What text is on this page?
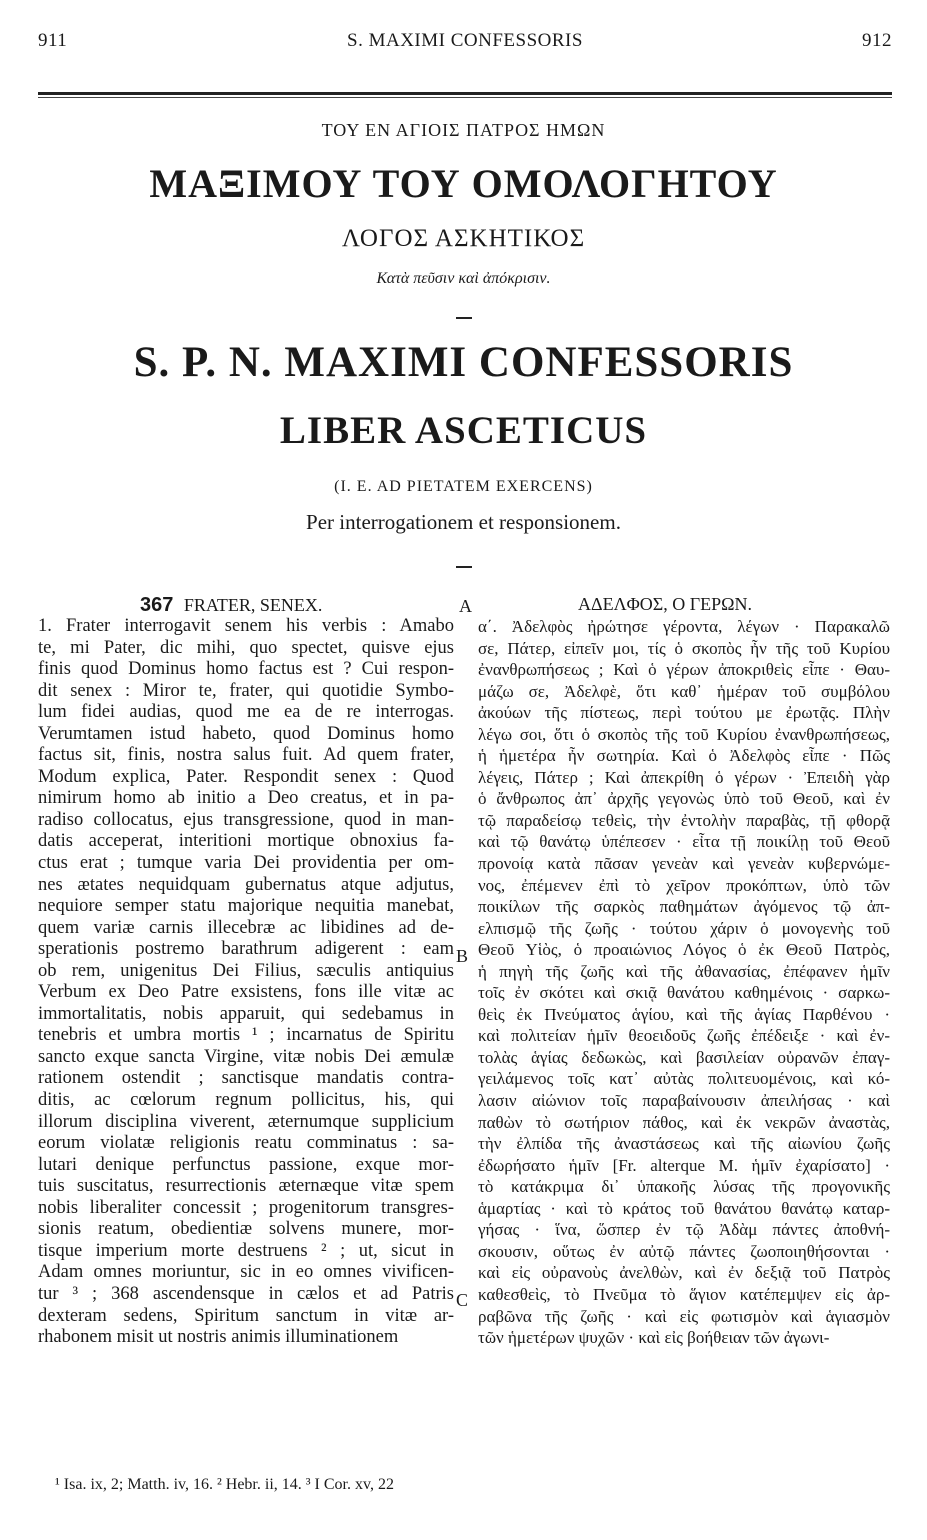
911	S. MAXIMI CONFESSORIS	912
ΤΟΥ ΕΝ ΑΓΙΟΙΣ ΠΑΤΡΟΣ ΗΜΩΝ
ΜΑΞΙΜΟΥ ΤΟΥ ΟΜΟΛΟΓΗΤΟΥ
ΛΟΓΟΣ ΑΣΚΗΤΙΚΟΣ
Κατὰ πεῦσιν καὶ ἀπόκρισιν.
S. P. N. MAXIMI CONFESSORIS
LIBER ASCETICUS
(I. E. AD PIETATEM EXERCENS)
Per interrogationem et responsionem.
367 FRATER, SENEX.	ΑΔΕΛΦΟΣ, Ο ΓΕΡΩΝ.
A
B
C
1. Frater interrogavit senem his verbis : Amabo
te, mi Pater, dic mihi, quo spectet, quisve ejus
finis quod Dominus homo factus est ? Cui respon-
dit senex : Miror te, frater, qui quotidie Symbo-
lum fidei audias, quod me ea de re interrogas.
Verumtamen istud habeto, quod Dominus homo
factus sit, finis, nostra salus fuit. Ad quem frater,
Modum explica, Pater. Respondit senex : Quod
nimirum homo ab initio a Deo creatus, et in pa-
radiso collocatus, ejus transgressione, quod in man-
datis acceperat, interitioni mortique obnoxius fa-
ctus erat ; tumque varia Dei providentia per om-
nes ætates nequidquam gubernatus atque adjutus,
nequiore semper statu majorique nequitia manebat,
quem variæ carnis illecebræ ac libidines ad de-
sperationis postremo barathrum adigerent : eam
ob rem, unigenitus Dei Filius, sæculis antiquius
Verbum ex Deo Patre exsistens, fons ille vitæ ac
immortalitatis, nobis apparuit, qui sedebamus in
tenebris et umbra mortis ¹ ; incarnatus de Spiritu
sancto exque sancta Virgine, vitæ nobis Dei æmulæ
rationem ostendit ; sanctisque mandatis contra-
ditis, ac cœlorum regnum pollicitus, his, qui
illorum disciplina viverent, æternumque supplicium
eorum violatæ religionis reatu comminatus : sa-
lutari denique perfunctus passione, exque mor-
tuis suscitatus, resurrectionis æternæque vitæ spem
nobis liberaliter concessit ; progenitorum transgres-
sionis reatum, obedientiæ solvens munere, mor-
tisque imperium morte destruens ² ; ut, sicut in
Adam omnes moriuntur, sic in eo omnes vivificen-
tur ³ ; 368 ascendensque in cælos et ad Patris
dexteram sedens, Spiritum sanctum in vitæ ar-
rhabonem misit ut nostris animis illuminationem
α΄. Ἀδελφὸς ἠρώτησε γέροντα, λέγων · Παρακαλῶ
σε, Πάτερ, εἰπεῖν μοι, τίς ὁ σκοπὸς ἦν τῆς τοῦ Κυρίου
ἐνανθρωπήσεως ; Καὶ ὁ γέρων ἀποκριθεὶς εἶπε · Θαυ-
μάζω σε, Ἀδελφὲ, ὅτι καθ᾽ ἡμέραν τοῦ συμβόλου
ἀκούων τῆς πίστεως, περὶ τούτου με ἐρωτᾷς. Πλὴν
λέγω σοι, ὅτι ὁ σκοπὸς τῆς τοῦ Κυρίου ἐνανθρωπήσεως,
ἡ ἡμετέρα ἦν σωτηρία. Καὶ ὁ Ἀδελφὸς εἶπε · Πῶς
λέγεις, Πάτερ ; Καὶ ἀπεκρίθη ὁ γέρων · Ἐπειδὴ γὰρ
ὁ ἄνθρωπος ἀπ᾽ ἀρχῆς γεγονὼς ὑπὸ τοῦ Θεοῦ, καὶ ἐν
τῷ παραδείσῳ τεθεὶς, τὴν ἐντολὴν παραβὰς, τῇ φθορᾷ
καὶ τῷ θανάτῳ ὑπέπεσεν · εἶτα τῇ ποικίλῃ τοῦ Θεοῦ
προνοίᾳ κατὰ πᾶσαν γενεὰν καὶ γενεὰν κυβερνώμε-
νος, ἐπέμενεν ἐπὶ τὸ χεῖρον προκόπτων, ὑπὸ τῶν
ποικίλων τῆς σαρκὸς παθημάτων ἀγόμενος τῷ ἀπ-
ελπισμῷ τῆς ζωῆς · τούτου χάριν ὁ μονογενὴς τοῦ
Θεοῦ Υἱὸς, ὁ προαιώνιος Λόγος ὁ ἐκ Θεοῦ Πατρὸς,
ἡ πηγὴ τῆς ζωῆς καὶ τῆς ἀθανασίας, ἐπέφανεν ἡμῖν
τοῖς ἐν σκότει καὶ σκιᾷ θανάτου καθημένοις · σαρκω-
θεὶς ἐκ Πνεύματος ἁγίου, καὶ τῆς ἁγίας Παρθένου ·
καὶ πολιτείαν ἡμῖν θεοειδοῦς ζωῆς ἐπέδειξε · καὶ ἐν-
τολὰς ἁγίας δεδωκὼς, καὶ βασιλείαν οὐρανῶν ἐπαγ-
γειλάμενος τοῖς κατ᾽ αὐτὰς πολιτευομένοις, καὶ κό-
λασιν αἰώνιον τοῖς παραβαίνουσιν ἀπειλήσας · καὶ
παθὼν τὸ σωτήριον πάθος, καὶ ἐκ νεκρῶν ἀναστὰς,
τὴν ἐλπίδα τῆς ἀναστάσεως καὶ τῆς αἰωνίου ζωῆς
ἐδωρήσατο ἡμῖν [Fr. alterque M. ἡμῖν ἐχαρίσατο] ·
τὸ κατάκριμα δι᾽ ὑπακοῆς λύσας τῆς προγονικῆς
ἁμαρτίας · καὶ τὸ κράτος τοῦ θανάτου θανάτῳ καταρ-
γήσας · ἵνα, ὥσπερ ἐν τῷ Ἀδὰμ πάντες ἀποθνή-
σκουσιν, οὕτως ἐν αὐτῷ πάντες ζωοποιηθήσονται ·
καὶ εἰς οὐρανοὺς ἀνελθὼν, καὶ ἐν δεξιᾷ τοῦ Πατρὸς
καθεσθεὶς, τὸ Πνεῦμα τὸ ἅγιον κατέπεμψεν εἰς ἀρ-
ραβῶνα τῆς ζωῆς · καὶ εἰς φωτισμὸν καὶ ἁγιασμὸν
τῶν ἡμετέρων ψυχῶν · καὶ εἰς βοήθειαν τῶν ἀγωνι-
¹ Isa. ix, 2; Matth. iv, 16. ² Hebr. ii, 14. ³ I Cor. xv, 22
